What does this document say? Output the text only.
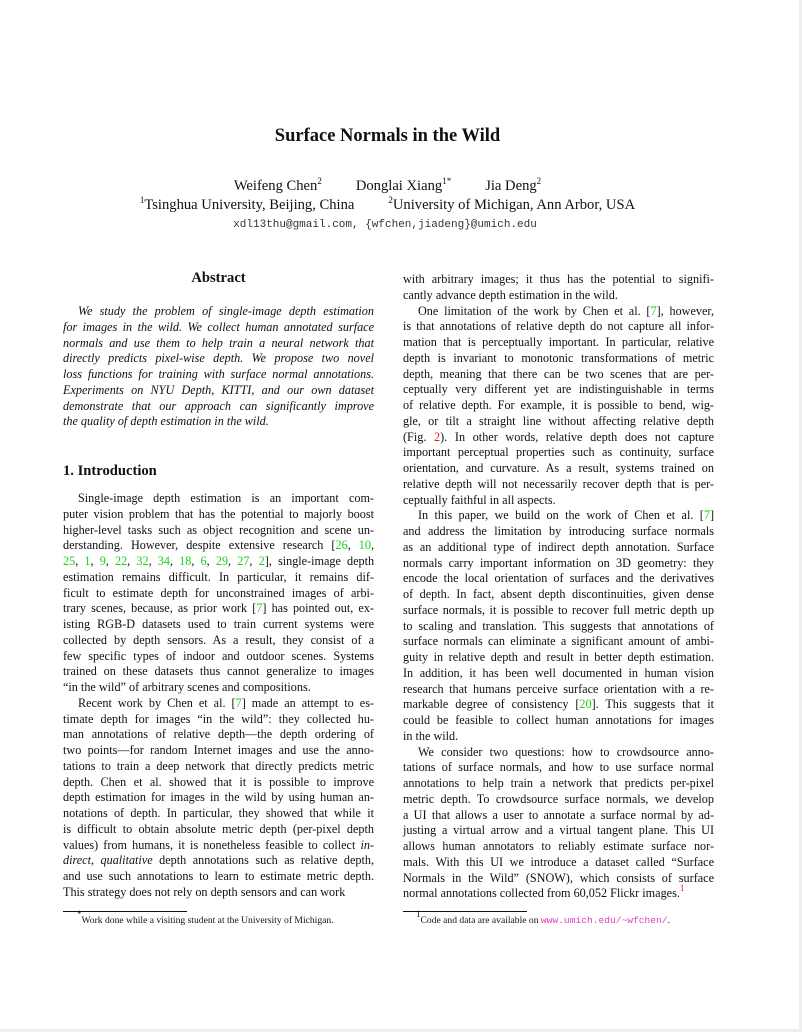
Surface Normals in the Wild
Weifeng Chen$^2$ Donglai Xiang$^{1*}$ Jia Deng$^2$
$^1$Tsinghua University, Beijing, China	$^2$University of Michigan, Ann Arbor, USA
xdl13thu@gmail.com, {wfchen,jiadeng}@umich.edu
Abstract
We study the problem of single-image depth estimation
for images in the wild. We collect human annotated surface
normals and use them to help train a neural network that
directly predicts pixel-wise depth. We propose two novel
loss functions for training with surface normal annotations.
Experiments on NYU Depth, KITTI, and our own dataset
demonstrate that our approach can significantly improve
the quality of depth estimation in the wild.
1. Introduction
Single-image depth estimation is an important com-
puter vision problem that has the potential to majorly boost
higher-level tasks such as object recognition and scene un-
derstanding. However, despite extensive research [26, 10,
25, 1, 9, 22, 32, 34, 18, 6, 29, 27, 2], single-image depth
estimation remains difficult. In particular, it remains dif-
ficult to estimate depth for unconstrained images of arbi-
trary scenes, because, as prior work [7] has pointed out, ex-
isting RGB-D datasets used to train current systems were
collected by depth sensors. As a result, they consist of a
few specific types of indoor and outdoor scenes. Systems
trained on these datasets thus cannot generalize to images
“in the wild” of arbitrary scenes and compositions.
Recent work by Chen et al. [7] made an attempt to es-
timate depth for images “in the wild”: they collected hu-
man annotations of relative depth—the depth ordering of
two points—for random Internet images and use the anno-
tations to train a deep network that directly predicts metric
depth. Chen et al. showed that it is possible to improve
depth estimation for images in the wild by using human an-
notations of depth. In particular, they showed that while it
is difficult to obtain absolute metric depth (per-pixel depth
values) from humans, it is nonetheless feasible to collect in-
direct, qualitative depth annotations such as relative depth,
and use such annotations to learn to estimate metric depth.
This strategy does not rely on depth sensors and can work
with arbitrary images; it thus has the potential to signifi-
cantly advance depth estimation in the wild.
One limitation of the work by Chen et al. [7], however,
is that annotations of relative depth do not capture all infor-
mation that is perceptually important. In particular, relative
depth is invariant to monotonic transformations of metric
depth, meaning that there can be two scenes that are per-
ceptually very different yet are indistinguishable in terms
of relative depth. For example, it is possible to bend, wig-
gle, or tilt a straight line without affecting relative depth
(Fig. 2). In other words, relative depth does not capture
important perceptual properties such as continuity, surface
orientation, and curvature. As a result, systems trained on
relative depth will not necessarily recover depth that is per-
ceptually faithful in all aspects.
In this paper, we build on the work of Chen et al. [7]
and address the limitation by introducing surface normals
as an additional type of indirect depth annotation. Surface
normals carry important information on 3D geometry: they
encode the local orientation of surfaces and the derivatives
of depth. In fact, absent depth discontinuities, given dense
surface normals, it is possible to recover full metric depth up
to scaling and translation. This suggests that annotations of
surface normals can eliminate a significant amount of ambi-
guity in relative depth and result in better depth estimation.
In addition, it has been well documented in human vision
research that humans perceive surface orientation with a re-
markable degree of consistency [20]. This suggests that it
could be feasible to collect human annotations for images
in the wild.
We consider two questions: how to crowdsource anno-
tations of surface normals, and how to use surface normal
annotations to help train a network that predicts per-pixel
metric depth. To crowdsource surface normals, we develop
a UI that allows a user to annotate a surface normal by ad-
justing a virtual arrow and a virtual tangent plane. This UI
allows human annotators to reliably estimate surface nor-
mals. With this UI we introduce a dataset called “Surface
Normals in the Wild” (SNOW), which consists of surface
normal annotations collected from 60,052 Flickr images.$^1$
*Work done while a visiting student at the University of Michigan.
$^1$Code and data are available on www.umich.edu/~wfchen/.
